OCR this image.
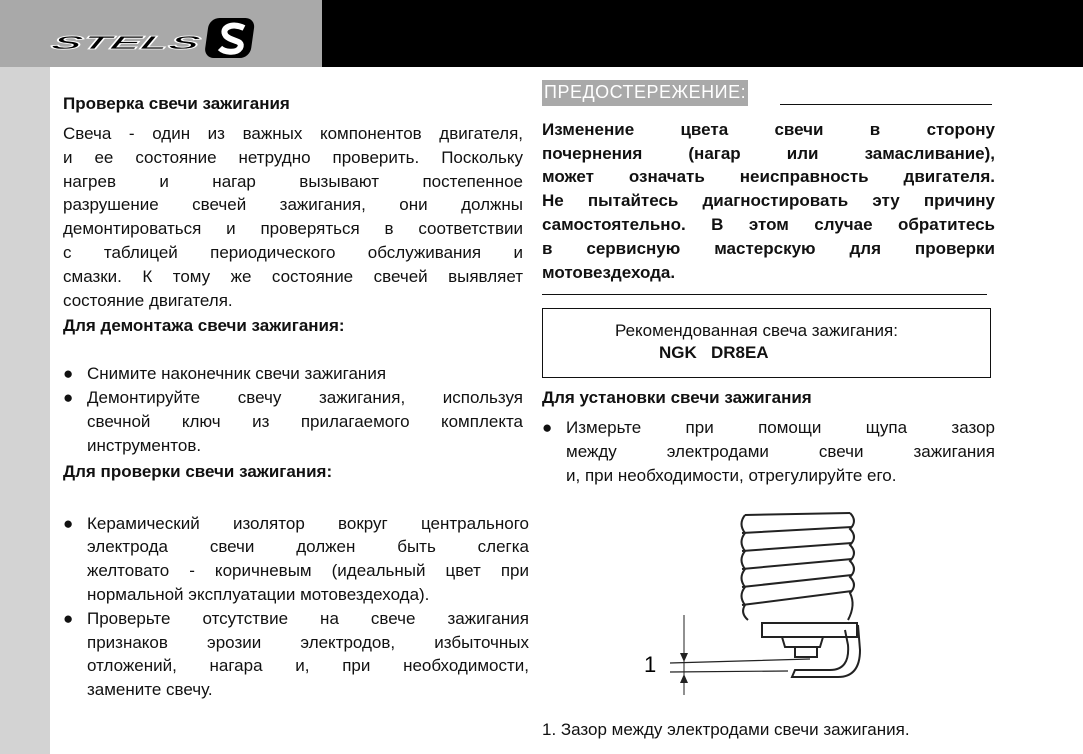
STELS
Проверка свечи зажигания
Свеча - один из важных компонентов двигателя,
и ее состояние нетрудно проверить. Поскольку
нагрев и нагар вызывают постепенное
разрушение свечей зажигания, они должны
демонтироваться и проверяться в соответствии
с таблицей периодического обслуживания и
смазки. К тому же состояние свечей выявляет
состояние двигателя.
Для демонтажа свечи зажигания:
● Снимите наконечник свечи зажигания
● Демонтируйте свечу зажигания, используя
свечной ключ из прилагаемого комплекта
инструментов.
Для проверки свечи зажигания:
● Керамический изолятор вокруг центрального
электрода свечи должен быть слегка
желтовато - коричневым (идеальный цвет при
нормальной эксплуатации мотовездехода).
● Проверьте отсутствие на свече зажигания
признаков эрозии электродов, избыточных
отложений, нагара и, при необходимости,
замените свечу.
ПРЕДОСТЕРЕЖЕНИЕ:
Изменение цвета свечи в сторону
почернения (нагар или замасливание),
может означать неисправность двигателя.
Не пытайтесь диагностировать эту причину
самостоятельно. В этом случае обратитесь
в сервисную мастерскую для проверки
мотовездехода.
Рекомендованная свеча зажигания:
NGK   DR8EA
Для установки свечи зажигания
● Измерьте при помощи щупа зазор
между электродами свечи зажигания
и, при необходимости, отрегулируйте его.
1
1. Зазор между электродами свечи зажигания.
